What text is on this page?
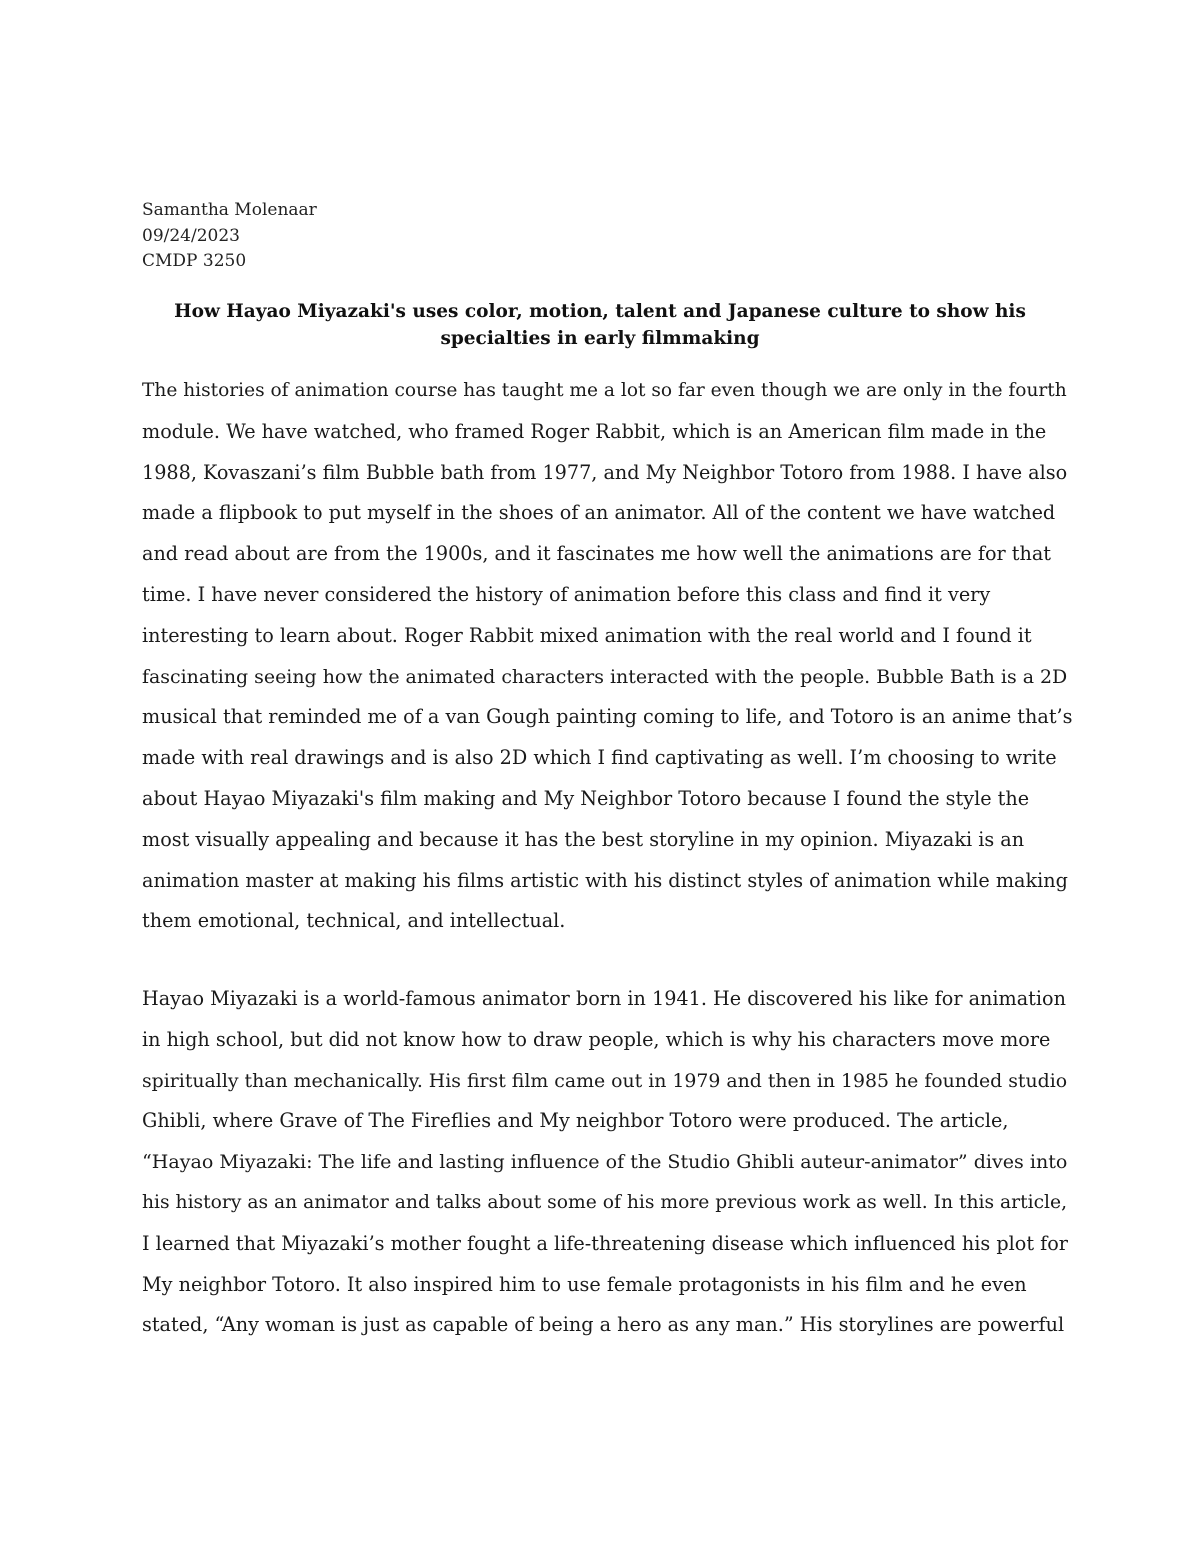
Samantha Molenaar
09/24/2023
CMDP 3250
How Hayao Miyazaki's uses color, motion, talent and Japanese culture to show his
specialties in early filmmaking
The histories of animation course has taught me a lot so far even though we are only in the fourth
module. We have watched, who framed Roger Rabbit, which is an American film made in the
1988, Kovaszani’s film Bubble bath from 1977, and My Neighbor Totoro from 1988. I have also
made a flipbook to put myself in the shoes of an animator. All of the content we have watched
and read about are from the 1900s, and it fascinates me how well the animations are for that
time. I have never considered the history of animation before this class and find it very
interesting to learn about. Roger Rabbit mixed animation with the real world and I found it
fascinating seeing how the animated characters interacted with the people. Bubble Bath is a 2D
musical that reminded me of a van Gough painting coming to life, and Totoro is an anime that’s
made with real drawings and is also 2D which I find captivating as well. I’m choosing to write
about Hayao Miyazaki's film making and My Neighbor Totoro because I found the style the
most visually appealing and because it has the best storyline in my opinion. Miyazaki is an
animation master at making his films artistic with his distinct styles of animation while making
them emotional, technical, and intellectual.
Hayao Miyazaki is a world-famous animator born in 1941. He discovered his like for animation
in high school, but did not know how to draw people, which is why his characters move more
spiritually than mechanically. His first film came out in 1979 and then in 1985 he founded studio
Ghibli, where Grave of The Fireflies and My neighbor Totoro were produced. The article,
“Hayao Miyazaki: The life and lasting influence of the Studio Ghibli auteur-animator” dives into
his history as an animator and talks about some of his more previous work as well. In this article,
I learned that Miyazaki’s mother fought a life-threatening disease which influenced his plot for
My neighbor Totoro. It also inspired him to use female protagonists in his film and he even
stated, “Any woman is just as capable of being a hero as any man.” His storylines are powerful
